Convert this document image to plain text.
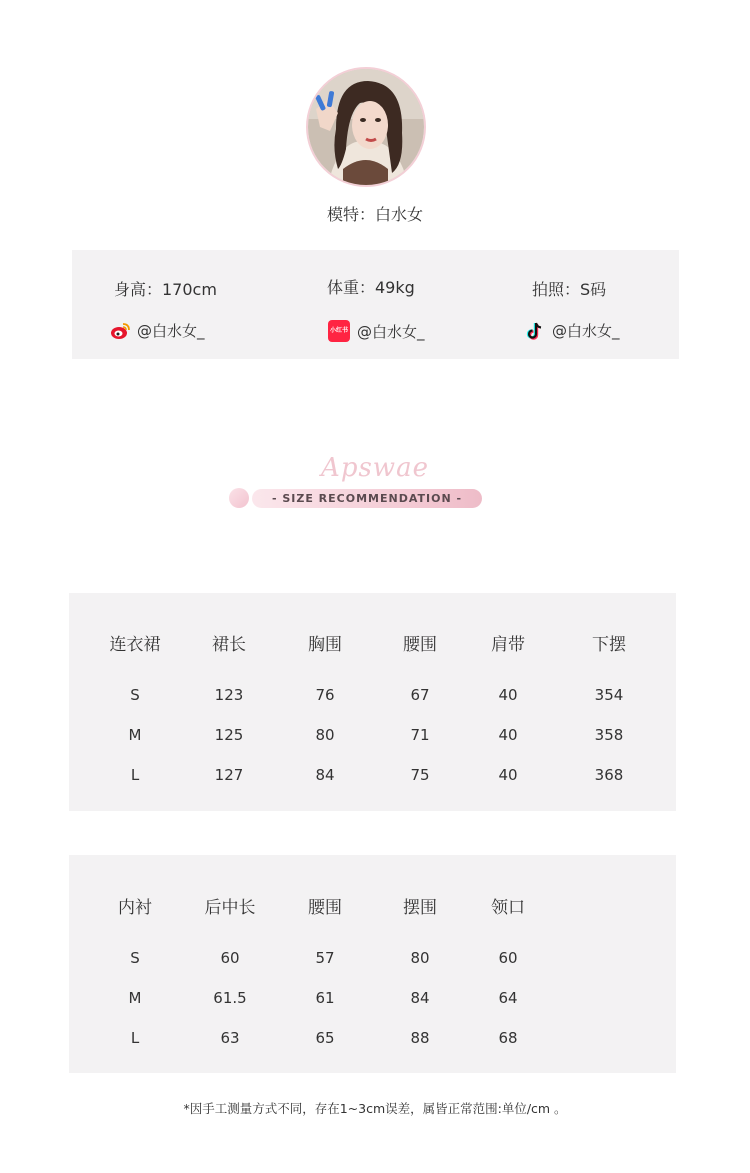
模特：白水女
身高：170cm	体重：49kg	拍照：S码
@白水女_	小红书 @白水女_	@白水女_
Apswae
- SIZE RECOMMENDATION -
连衣裙	裙长	胸围	腰围	肩带	下摆
S	123	76	67	40	354
M	125	80	71	40	358
L	127	84	75	40	368
内衬	后中长	腰围	摆围	领口
S	60	57	80	60
M	61.5	61	84	64
L	63	65	88	68
*因手工测量方式不同，存在1~3cm误差，属皆正常范围:单位/cm 。
